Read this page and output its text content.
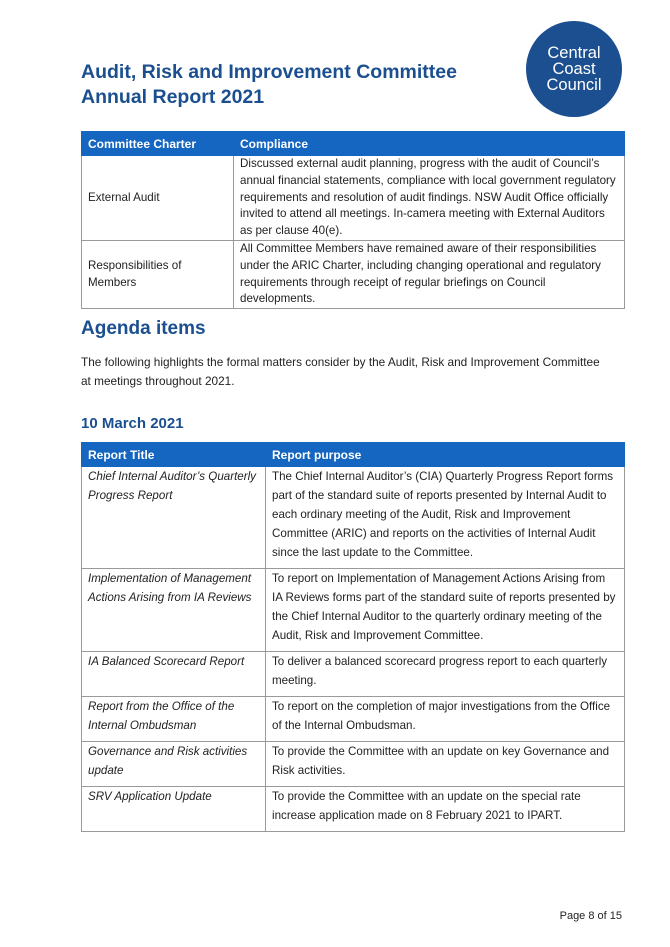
Audit, Risk and Improvement Committee
Annual Report 2021
Central
Coast
Council
Committee Charter	Compliance
External Audit	Discussed external audit planning, progress with the audit of Council’s annual financial statements, compliance with local government regulatory requirements and resolution of audit findings. NSW Audit Office officially invited to attend all meetings. In-camera meeting with External Auditors as per clause 40(e).
Responsibilities of Members	All Committee Members have remained aware of their responsibilities under the ARIC Charter, including changing operational and regulatory requirements through receipt of regular briefings on Council developments.
Agenda items

The following highlights the formal matters consider by the Audit, Risk and Improvement Committee at meetings throughout 2021.

10 March 2021
Report Title	Report purpose
Chief Internal Auditor’s Quarterly Progress Report	The Chief Internal Auditor’s (CIA) Quarterly Progress Report forms part of the standard suite of reports presented by Internal Audit to each ordinary meeting of the Audit, Risk and Improvement Committee (ARIC) and reports on the activities of Internal Audit since the last update to the Committee.
Implementation of Management Actions Arising from IA Reviews	To report on Implementation of Management Actions Arising from IA Reviews forms part of the standard suite of reports presented by the Chief Internal Auditor to the quarterly ordinary meeting of the Audit, Risk and Improvement Committee.
IA Balanced Scorecard Report	To deliver a balanced scorecard progress report to each quarterly meeting.
Report from the Office of the Internal Ombudsman	To report on the completion of major investigations from the Office of the Internal Ombudsman.
Governance and Risk activities update	To provide the Committee with an update on key Governance and Risk activities.
SRV Application Update	To provide the Committee with an update on the special rate increase application made on 8 February 2021 to IPART.
Page 8 of 15
